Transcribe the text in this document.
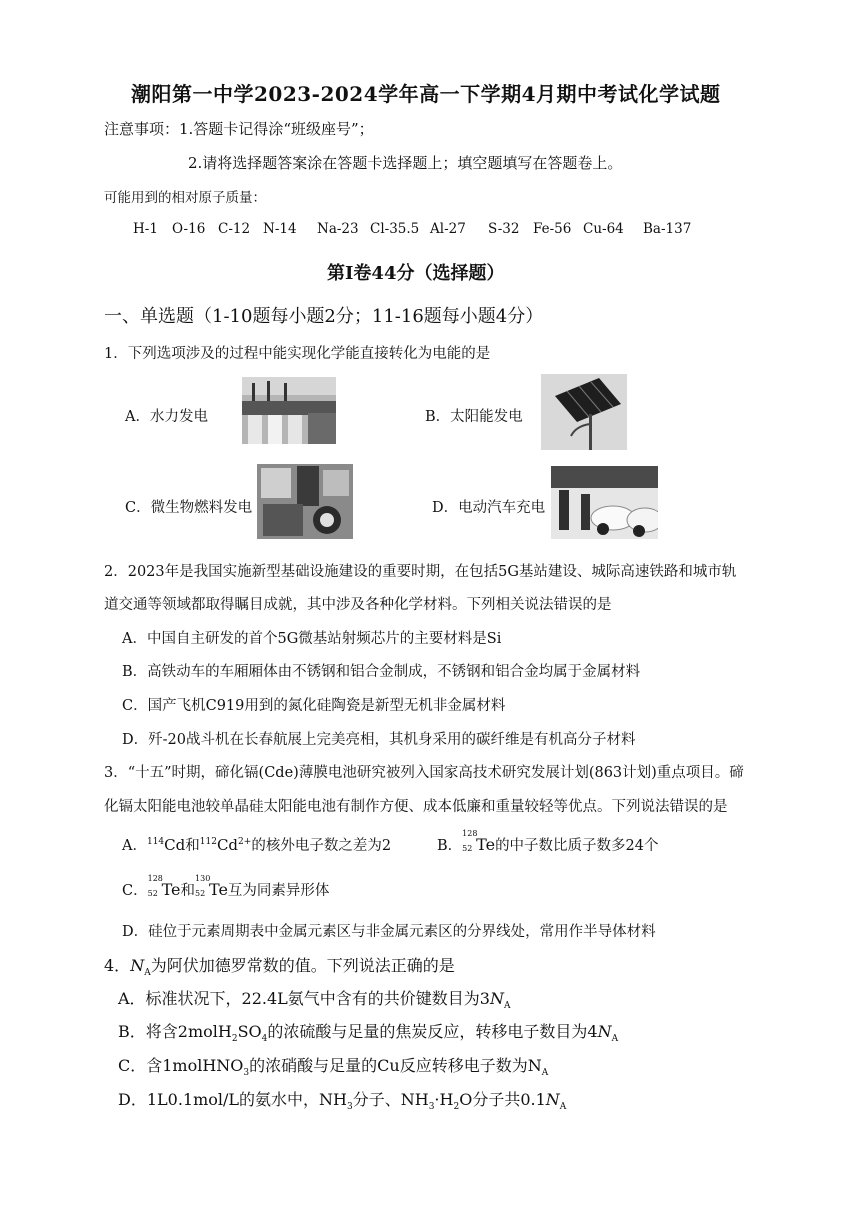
潮阳第一中学2023-2024学年高一下学期4月期中考试化学试题
注意事项：1.答题卡记得涂“班级座号”；
2.请将选择题答案涂在答题卡选择题上；填空题填写在答题卷上。
可能用到的相对原子质量：
H-1 O-16 C-12 N-14 Na-23 Cl-35.5 Al-27 S-32 Fe-56 Cu-64 Ba-137
第Ⅰ卷44分（选择题）
一、单选题（1-10题每小题2分；11-16题每小题4分）
1．下列选项涉及的过程中能实现化学能直接转化为电能的是
A．水力发电	B．太阳能发电
C．微生物燃料发电	D．电动汽车充电
2．2023年是我国实施新型基础设施建设的重要时期，在包括5G基站建设、城际高速铁路和城市轨
道交通等领域都取得瞩目成就，其中涉及各种化学材料。下列相关说法错误的是
A．中国自主研发的首个5G微基站射频芯片的主要材料是Si
B．高铁动车的车厢厢体由不锈钢和铝合金制成，不锈钢和铝合金均属于金属材料
C．国产飞机C919用到的氮化硅陶瓷是新型无机非金属材料
D．歼-20战斗机在长春航展上完美亮相，其机身采用的碳纤维是有机高分子材料
3．“十五”时期，碲化镉(Cde)薄膜电池研究被列入国家高技术研究发展计划(863计划)重点项目。碲
化镉太阳能电池较单晶硅太阳能电池有制作方便、成本低廉和重量较轻等优点。下列说法错误的是
A．$^{114}$Cd和$^{112}Cd^{2+}$的核外电子数之差为2	B．
128
52 Te的中子数比质子数多24个
C．
128
52 Te和
130
52 Te互为同素异形体
D．硅位于元素周期表中金属元素区与非金属元素区的分界线处，常用作半导体材料
4．$N_A$为阿伏加德罗常数的值。下列说法正确的是
A．标准状况下，22.4L氨气中含有的共价键数目为$3N_A$
B．将含$2molH_2SO_4$的浓硫酸与足量的焦炭反应，转移电子数目为$4N_A$
C．含1molHNO$_3$的浓硝酸与足量的Cu反应转移电子数为$N_A$
D．1L0.1mol/L的氨水中，$NH_3$分子、$NH_3\cdot H_2O$分子共$0.1N_A$
